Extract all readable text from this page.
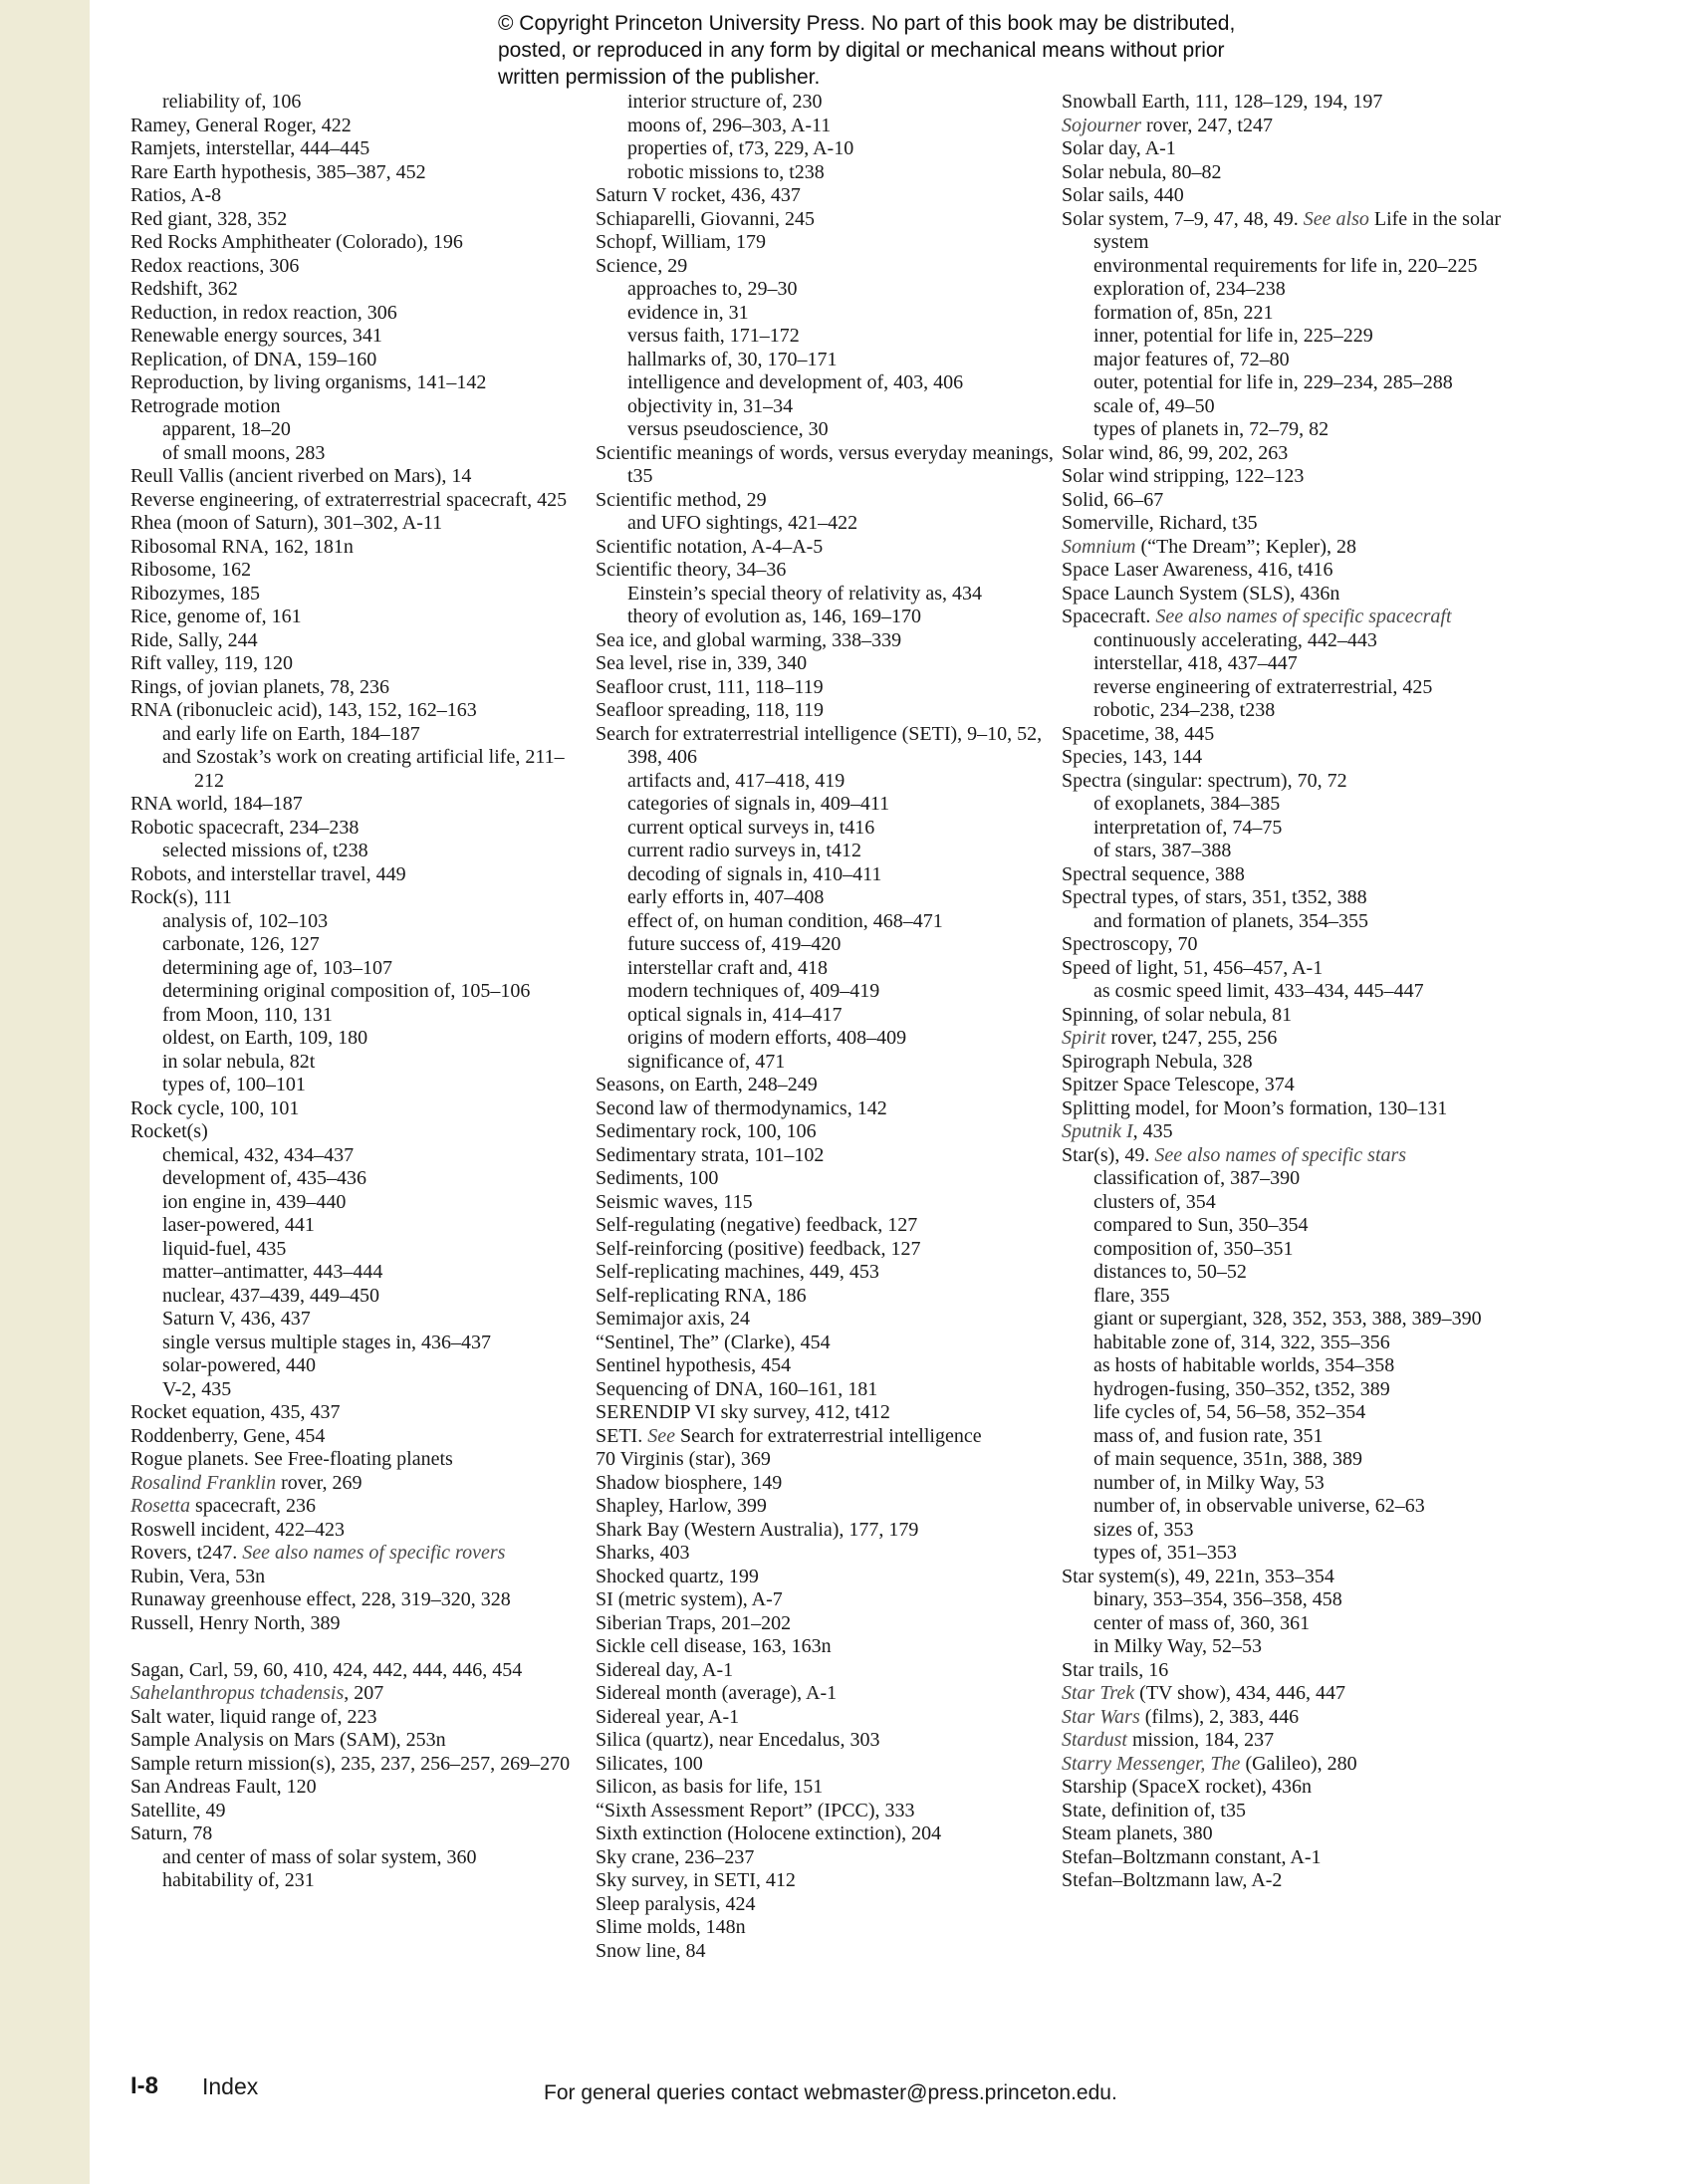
© Copyright Princeton University Press. No part of this book may be distributed, posted, or reproduced in any form by digital or mechanical means without prior written permission of the publisher.
reliability of, 106
Ramey, General Roger, 422
Ramjets, interstellar, 444–445
Rare Earth hypothesis, 385–387, 452
Ratios, A-8
Red giant, 328, 352
Red Rocks Amphitheater (Colorado), 196
Redox reactions, 306
Redshift, 362
Reduction, in redox reaction, 306
Renewable energy sources, 341
Replication, of DNA, 159–160
Reproduction, by living organisms, 141–142
Retrograde motion
apparent, 18–20
of small moons, 283
Reull Vallis (ancient riverbed on Mars), 14
Reverse engineering, of extraterrestrial spacecraft, 425
Rhea (moon of Saturn), 301–302, A-11
Ribosomal RNA, 162, 181n
Ribosome, 162
Ribozymes, 185
Rice, genome of, 161
Ride, Sally, 244
Rift valley, 119, 120
Rings, of jovian planets, 78, 236
RNA (ribonucleic acid), 143, 152, 162–163
and early life on Earth, 184–187
and Szostak’s work on creating artificial life, 211–212
RNA world, 184–187
Robotic spacecraft, 234–238
selected missions of, t238
Robots, and interstellar travel, 449
Rock(s), 111
analysis of, 102–103
carbonate, 126, 127
determining age of, 103–107
determining original composition of, 105–106
from Moon, 110, 131
oldest, on Earth, 109, 180
in solar nebula, 82t
types of, 100–101
Rock cycle, 100, 101
Rocket(s)
chemical, 432, 434–437
development of, 435–436
ion engine in, 439–440
laser-powered, 441
liquid-fuel, 435
matter–antimatter, 443–444
nuclear, 437–439, 449–450
Saturn V, 436, 437
single versus multiple stages in, 436–437
solar-powered, 440
V-2, 435
Rocket equation, 435, 437
Roddenberry, Gene, 454
Rogue planets. See Free-floating planets
Rosalind Franklin rover, 269
Rosetta spacecraft, 236
Roswell incident, 422–423
Rovers, t247. See also names of specific rovers
Rubin, Vera, 53n
Runaway greenhouse effect, 228, 319–320, 328
Russell, Henry North, 389
Sagan, Carl, 59, 60, 410, 424, 442, 444, 446, 454
Sahelanthropus tchadensis, 207
Salt water, liquid range of, 223
Sample Analysis on Mars (SAM), 253n
Sample return mission(s), 235, 237, 256–257, 269–270
San Andreas Fault, 120
Satellite, 49
Saturn, 78
and center of mass of solar system, 360
habitability of, 231
interior structure of, 230
moons of, 296–303, A-11
properties of, t73, 229, A-10
robotic missions to, t238
Saturn V rocket, 436, 437
Schiaparelli, Giovanni, 245
Schopf, William, 179
Science, 29
approaches to, 29–30
evidence in, 31
versus faith, 171–172
hallmarks of, 30, 170–171
intelligence and development of, 403, 406
objectivity in, 31–34
versus pseudoscience, 30
Scientific meanings of words, versus everyday meanings, t35
Scientific method, 29
and UFO sightings, 421–422
Scientific notation, A-4–A-5
Scientific theory, 34–36
Einstein’s special theory of relativity as, 434
theory of evolution as, 146, 169–170
Sea ice, and global warming, 338–339
Sea level, rise in, 339, 340
Seafloor crust, 111, 118–119
Seafloor spreading, 118, 119
Search for extraterrestrial intelligence (SETI), 9–10, 52, 398, 406
artifacts and, 417–418, 419
categories of signals in, 409–411
current optical surveys in, t416
current radio surveys in, t412
decoding of signals in, 410–411
early efforts in, 407–408
effect of, on human condition, 468–471
future success of, 419–420
interstellar craft and, 418
modern techniques of, 409–419
optical signals in, 414–417
origins of modern efforts, 408–409
significance of, 471
Seasons, on Earth, 248–249
Second law of thermodynamics, 142
Sedimentary rock, 100, 106
Sedimentary strata, 101–102
Sediments, 100
Seismic waves, 115
Self-regulating (negative) feedback, 127
Self-reinforcing (positive) feedback, 127
Self-replicating machines, 449, 453
Self-replicating RNA, 186
Semimajor axis, 24
“Sentinel, The” (Clarke), 454
Sentinel hypothesis, 454
Sequencing of DNA, 160–161, 181
SERENDIP VI sky survey, 412, t412
SETI. See Search for extraterrestrial intelligence
70 Virginis (star), 369
Shadow biosphere, 149
Shapley, Harlow, 399
Shark Bay (Western Australia), 177, 179
Sharks, 403
Shocked quartz, 199
SI (metric system), A-7
Siberian Traps, 201–202
Sickle cell disease, 163, 163n
Sidereal day, A-1
Sidereal month (average), A-1
Sidereal year, A-1
Silica (quartz), near Encedalus, 303
Silicates, 100
Silicon, as basis for life, 151
“Sixth Assessment Report” (IPCC), 333
Sixth extinction (Holocene extinction), 204
Sky crane, 236–237
Sky survey, in SETI, 412
Sleep paralysis, 424
Slime molds, 148n
Snow line, 84
Snowball Earth, 111, 128–129, 194, 197
Sojourner rover, 247, t247
Solar day, A-1
Solar nebula, 80–82
Solar sails, 440
Solar system, 7–9, 47, 48, 49. See also Life in the solar system
environmental requirements for life in, 220–225
exploration of, 234–238
formation of, 85n, 221
inner, potential for life in, 225–229
major features of, 72–80
outer, potential for life in, 229–234, 285–288
scale of, 49–50
types of planets in, 72–79, 82
Solar wind, 86, 99, 202, 263
Solar wind stripping, 122–123
Solid, 66–67
Somerville, Richard, t35
Somnium (“The Dream”; Kepler), 28
Space Laser Awareness, 416, t416
Space Launch System (SLS), 436n
Spacecraft. See also names of specific spacecraft
continuously accelerating, 442–443
interstellar, 418, 437–447
reverse engineering of extraterrestrial, 425
robotic, 234–238, t238
Spacetime, 38, 445
Species, 143, 144
Spectra (singular: spectrum), 70, 72
of exoplanets, 384–385
interpretation of, 74–75
of stars, 387–388
Spectral sequence, 388
Spectral types, of stars, 351, t352, 388
and formation of planets, 354–355
Spectroscopy, 70
Speed of light, 51, 456–457, A-1
as cosmic speed limit, 433–434, 445–447
Spinning, of solar nebula, 81
Spirit rover, t247, 255, 256
Spirograph Nebula, 328
Spitzer Space Telescope, 374
Splitting model, for Moon’s formation, 130–131
Sputnik I, 435
Star(s), 49. See also names of specific stars
classification of, 387–390
clusters of, 354
compared to Sun, 350–354
composition of, 350–351
distances to, 50–52
flare, 355
giant or supergiant, 328, 352, 353, 388, 389–390
habitable zone of, 314, 322, 355–356
as hosts of habitable worlds, 354–358
hydrogen-fusing, 350–352, t352, 389
life cycles of, 54, 56–58, 352–354
mass of, and fusion rate, 351
of main sequence, 351n, 388, 389
number of, in Milky Way, 53
number of, in observable universe, 62–63
sizes of, 353
types of, 351–353
Star system(s), 49, 221n, 353–354
binary, 353–354, 356–358, 458
center of mass of, 360, 361
in Milky Way, 52–53
Star trails, 16
Star Trek (TV show), 434, 446, 447
Star Wars (films), 2, 383, 446
Stardust mission, 184, 237
Starry Messenger, The (Galileo), 280
Starship (SpaceX rocket), 436n
State, definition of, t35
Steam planets, 380
Stefan–Boltzmann constant, A-1
Stefan–Boltzmann law, A-2
I-8 Index	For general queries contact webmaster@press.princeton.edu.
